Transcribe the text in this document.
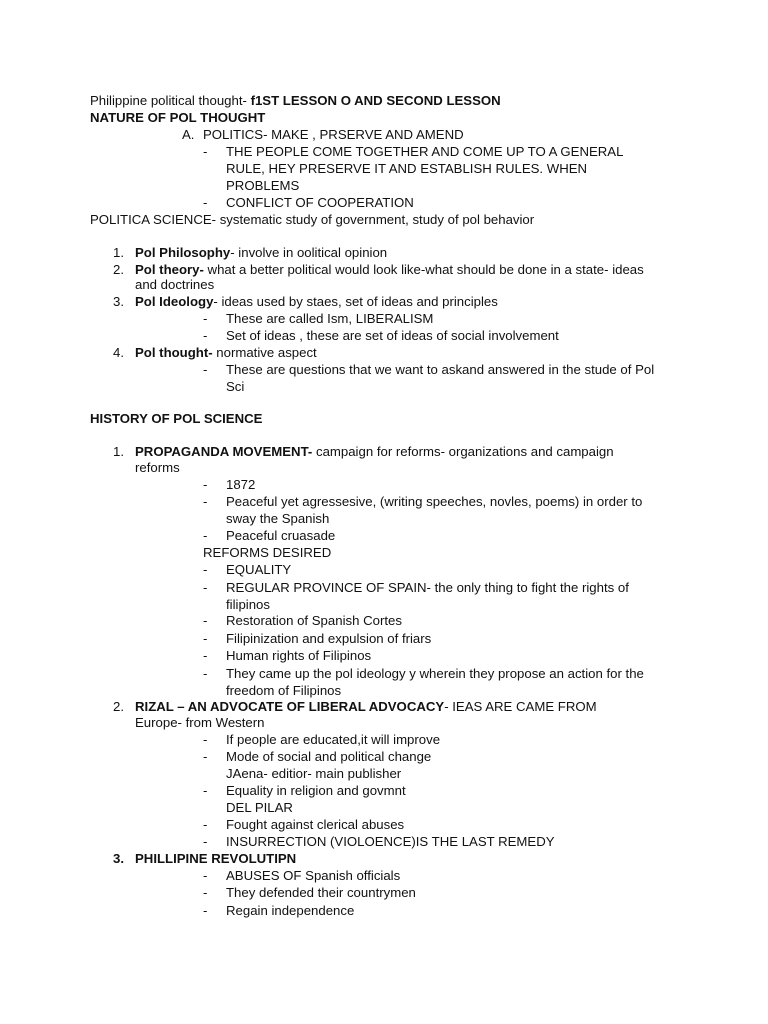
Philippine political thought- f1ST LESSON O AND SECOND LESSON
NATURE OF POL THOUGHT
A. POLITICS- MAKE , PRSERVE AND AMEND
- THE PEOPLE COME TOGETHER AND COME UP TO A GENERAL
RULE, HEY PRESERVE IT AND ESTABLISH RULES. WHEN
PROBLEMS
- CONFLICT OF COOPERATION
POLITICA SCIENCE- systematic study of government, study of pol behavior
1. Pol Philosophy- involve in oolitical opinion
2. Pol theory- what a better political would look like-what should be done in a state- ideas
and doctrines
3. Pol Ideology- ideas used by staes, set of ideas and principles
- These are called Ism, LIBERALISM
- Set of ideas , these are set of ideas of social involvement
4. Pol thought- normative aspect
- These are questions that we want to askand answered in the stude of Pol
Sci
HISTORY OF POL SCIENCE
1. PROPAGANDA MOVEMENT- campaign for reforms- organizations and campaign
reforms
- 1872
- Peaceful yet agressesive, (writing speeches, novles, poems) in order to
sway the Spanish
- Peaceful cruasade
REFORMS DESIRED
- EQUALITY
- REGULAR PROVINCE OF SPAIN- the only thing to fight the rights of
filipinos
- Restoration of Spanish Cortes
- Filipinization and expulsion of friars
- Human rights of Filipinos
- They came up the pol ideology y wherein they propose an action for the
freedom of Filipinos
2. RIZAL – AN ADVOCATE OF LIBERAL ADVOCACY- IEAS ARE CAME FROM
Europe- from Western
- If people are educated,it will improve
- Mode of social and political change
JAena- editior- main publisher
- Equality in religion and govmnt
DEL PILAR
- Fought against clerical abuses
- INSURRECTION (VIOLOENCE)IS THE LAST REMEDY
3. PHILLIPINE REVOLUTIPN
- ABUSES OF Spanish officials
- They defended their countrymen
- Regain independence
